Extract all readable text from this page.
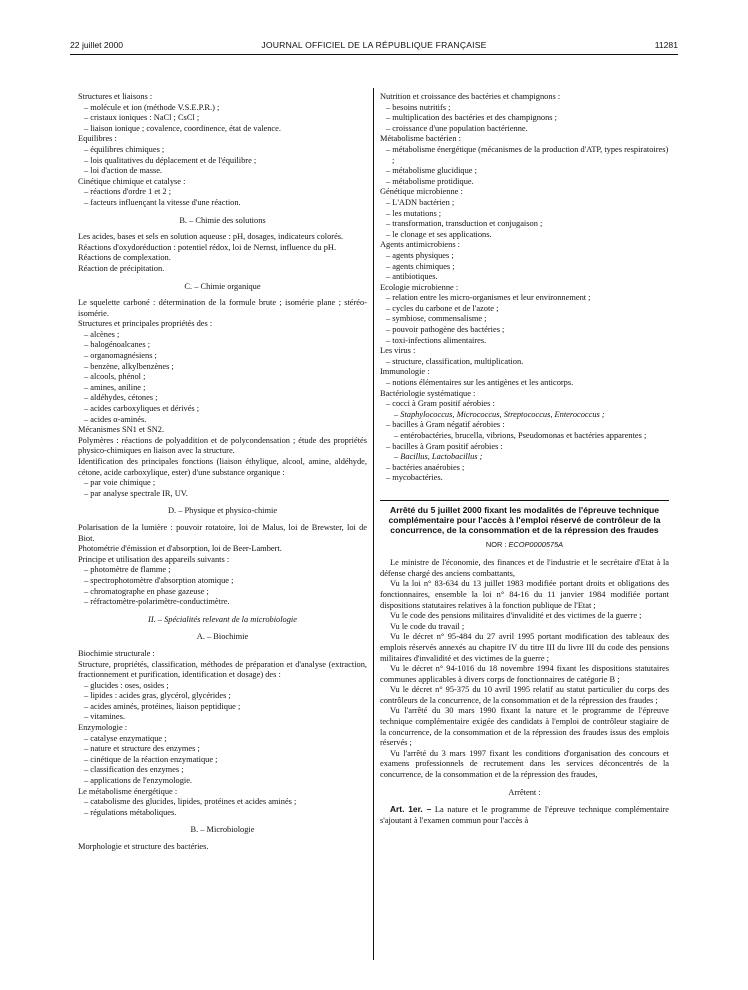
22 juillet 2000	JOURNAL OFFICIEL DE LA RÉPUBLIQUE FRANÇAISE	11281

Structures et liaisons :

– molécule et ion (méthode V.S.E.P.R.) ;

– cristaux ioniques : NaCl ; CsCl ;

– liaison ionique ; covalence, coordinence, état de valence.

Equilibres :

– équilibres chimiques ;

– lois qualitatives du déplacement et de l'équilibre ;

– loi d'action de masse.

Cinétique chimique et catalyse :

– réactions d'ordre 1 et 2 ;

– facteurs influençant la vitesse d'une réaction.

B. – Chimie des solutions

Les acides, bases et sels en solution aqueuse : pH, dosages, indicateurs colorés.

Réactions d'oxydoréduction : potentiel rédox, loi de Nernst, influence du pH.

Réactions de complexation.

Réaction de précipitation.

C. – Chimie organique

Le squelette carboné : détermination de la formule brute ; isomérie plane ; stéréo-isomérie.

Structures et principales propriétés des :

– alcènes ;

– halogénoalcanes ;

– organomagnésiens ;

– benzène, alkylbenzènes ;

– alcools, phénol ;

– amines, aniline ;

– aldéhydes, cétones ;

– acides carboxyliques et dérivés ;

– acides α-aminés.

Mécanismes SN1 et SN2.

Polymères : réactions de polyaddition et de polycondensation ; étude des propriétés physico-chimiques en liaison avec la structure.

Identification des principales fonctions (liaison éthylique, alcool, amine, aldéhyde, cétone, acide carboxylique, ester) d'une substance organique :

– par voie chimique ;

– par analyse spectrale IR, UV.

D. – Physique et physico-chimie

Polarisation de la lumière : pouvoir rotatoire, loi de Malus, loi de Brewster, loi de Biot.

Photométrie d'émission et d'absorption, loi de Beer-Lambert.

Principe et utilisation des appareils suivants :

– photomètre de flamme ;

– spectrophotomètre d'absorption atomique ;

– chromatographe en phase gazeuse ;

– réfractomètre-polarimètre-conductimètre.

II. – Spécialités relevant de la microbiologie

A. – Biochimie

Biochimie structurale :

Structure, propriétés, classification, méthodes de préparation et d'analyse (extraction, fractionnement et purification, identification et dosage) des :

– glucides : oses, osides ;

– lipides : acides gras, glycérol, glycérides ;

– acides aminés, protéines, liaison peptidique ;

– vitamines.

Enzymologie :

– catalyse enzymatique ;

– nature et structure des enzymes ;

– cinétique de la réaction enzymatique ;

– classification des enzymes ;

– applications de l'enzymologie.

Le métabolisme énergétique :

– catabolisme des glucides, lipides, protéines et acides aminés ;

– régulations métaboliques.

B. – Microbiologie

Morphologie et structure des bactéries.

Nutrition et croissance des bactéries et champignons :

– besoins nutritifs ;

– multiplication des bactéries et des champignons ;

– croissance d'une population bactérienne.

Métabolisme bactérien :

– métabolisme énergétique (mécanismes de la production d'ATP, types respiratoires) ;

– métabolisme glucidique ;

– métabolisme protidique.

Génétique microbienne :

– L'ADN bactérien ;

– les mutations ;

– transformation, transduction et conjugaison ;

– le clonage et ses applications.

Agents antimicrobiens :

– agents physiques ;

– agents chimiques ;

– antibiotiques.

Ecologie microbienne :

– relation entre les micro-organismes et leur environnement ;

– cycles du carbone et de l'azote ;

– symbiose, commensalisme ;

– pouvoir pathogène des bactéries ;

– toxi-infections alimentaires.

Les virus :

– structure, classification, multiplication.

Immunologie :

– notions élémentaires sur les antigènes et les anticorps.

Bactériologie systématique :

– cocci à Gram positif aérobies :

– Staphylococcus, Micrococcus, Streptococcus, Enterococcus ;

– bacilles à Gram négatif aérobies :

– entérobactéries, brucella, vibrions, Pseudomonas et bactéries apparentes ;

– bacilles à Gram positif aérobies :

– Bacillus, Lactobacillus ;

– bactéries anaérobies ;

– mycobactéries.

Arrêté du 5 juillet 2000 fixant les modalités de l'épreuve technique complémentaire pour l'accès à l'emploi réservé de contrôleur de la concurrence, de la consommation et de la répression des fraudes
NOR : ECOP0000575A

Le ministre de l'économie, des finances et de l'industrie et le secrétaire d'Etat à la défense chargé des anciens combattants,

Vu la loi n° 83-634 du 13 juillet 1983 modifiée portant droits et obligations des fonctionnaires, ensemble la loi n° 84-16 du 11 janvier 1984 modifiée portant dispositions statutaires relatives à la fonction publique de l'Etat ;

Vu le code des pensions militaires d'invalidité et des victimes de la guerre ;

Vu le code du travail ;

Vu le décret n° 95-484 du 27 avril 1995 portant modification des tableaux des emplois réservés annexés au chapitre IV du titre III du livre III du code des pensions militaires d'invalidité et des victimes de la guerre ;

Vu le décret n° 94-1016 du 18 novembre 1994 fixant les dispositions statutaires communes applicables à divers corps de fonctionnaires de catégorie B ;

Vu le décret n° 95-375 du 10 avril 1995 relatif au statut particulier du corps des contrôleurs de la concurrence, de la consommation et de la répression des fraudes ;

Vu l'arrêté du 30 mars 1990 fixant la nature et le programme de l'épreuve technique complémentaire exigée des candidats à l'emploi de contrôleur stagiaire de la concurrence, de la consommation et de la répression des fraudes issus des emplois réservés ;

Vu l'arrêté du 3 mars 1997 fixant les conditions d'organisation des concours et examens professionnels de recrutement dans les services déconcentrés de la concurrence, de la consommation et de la répression des fraudes,

Arrêtent :

Art. 1er. – La nature et le programme de l'épreuve technique complémentaire s'ajoutant à l'examen commun pour l'accès à
